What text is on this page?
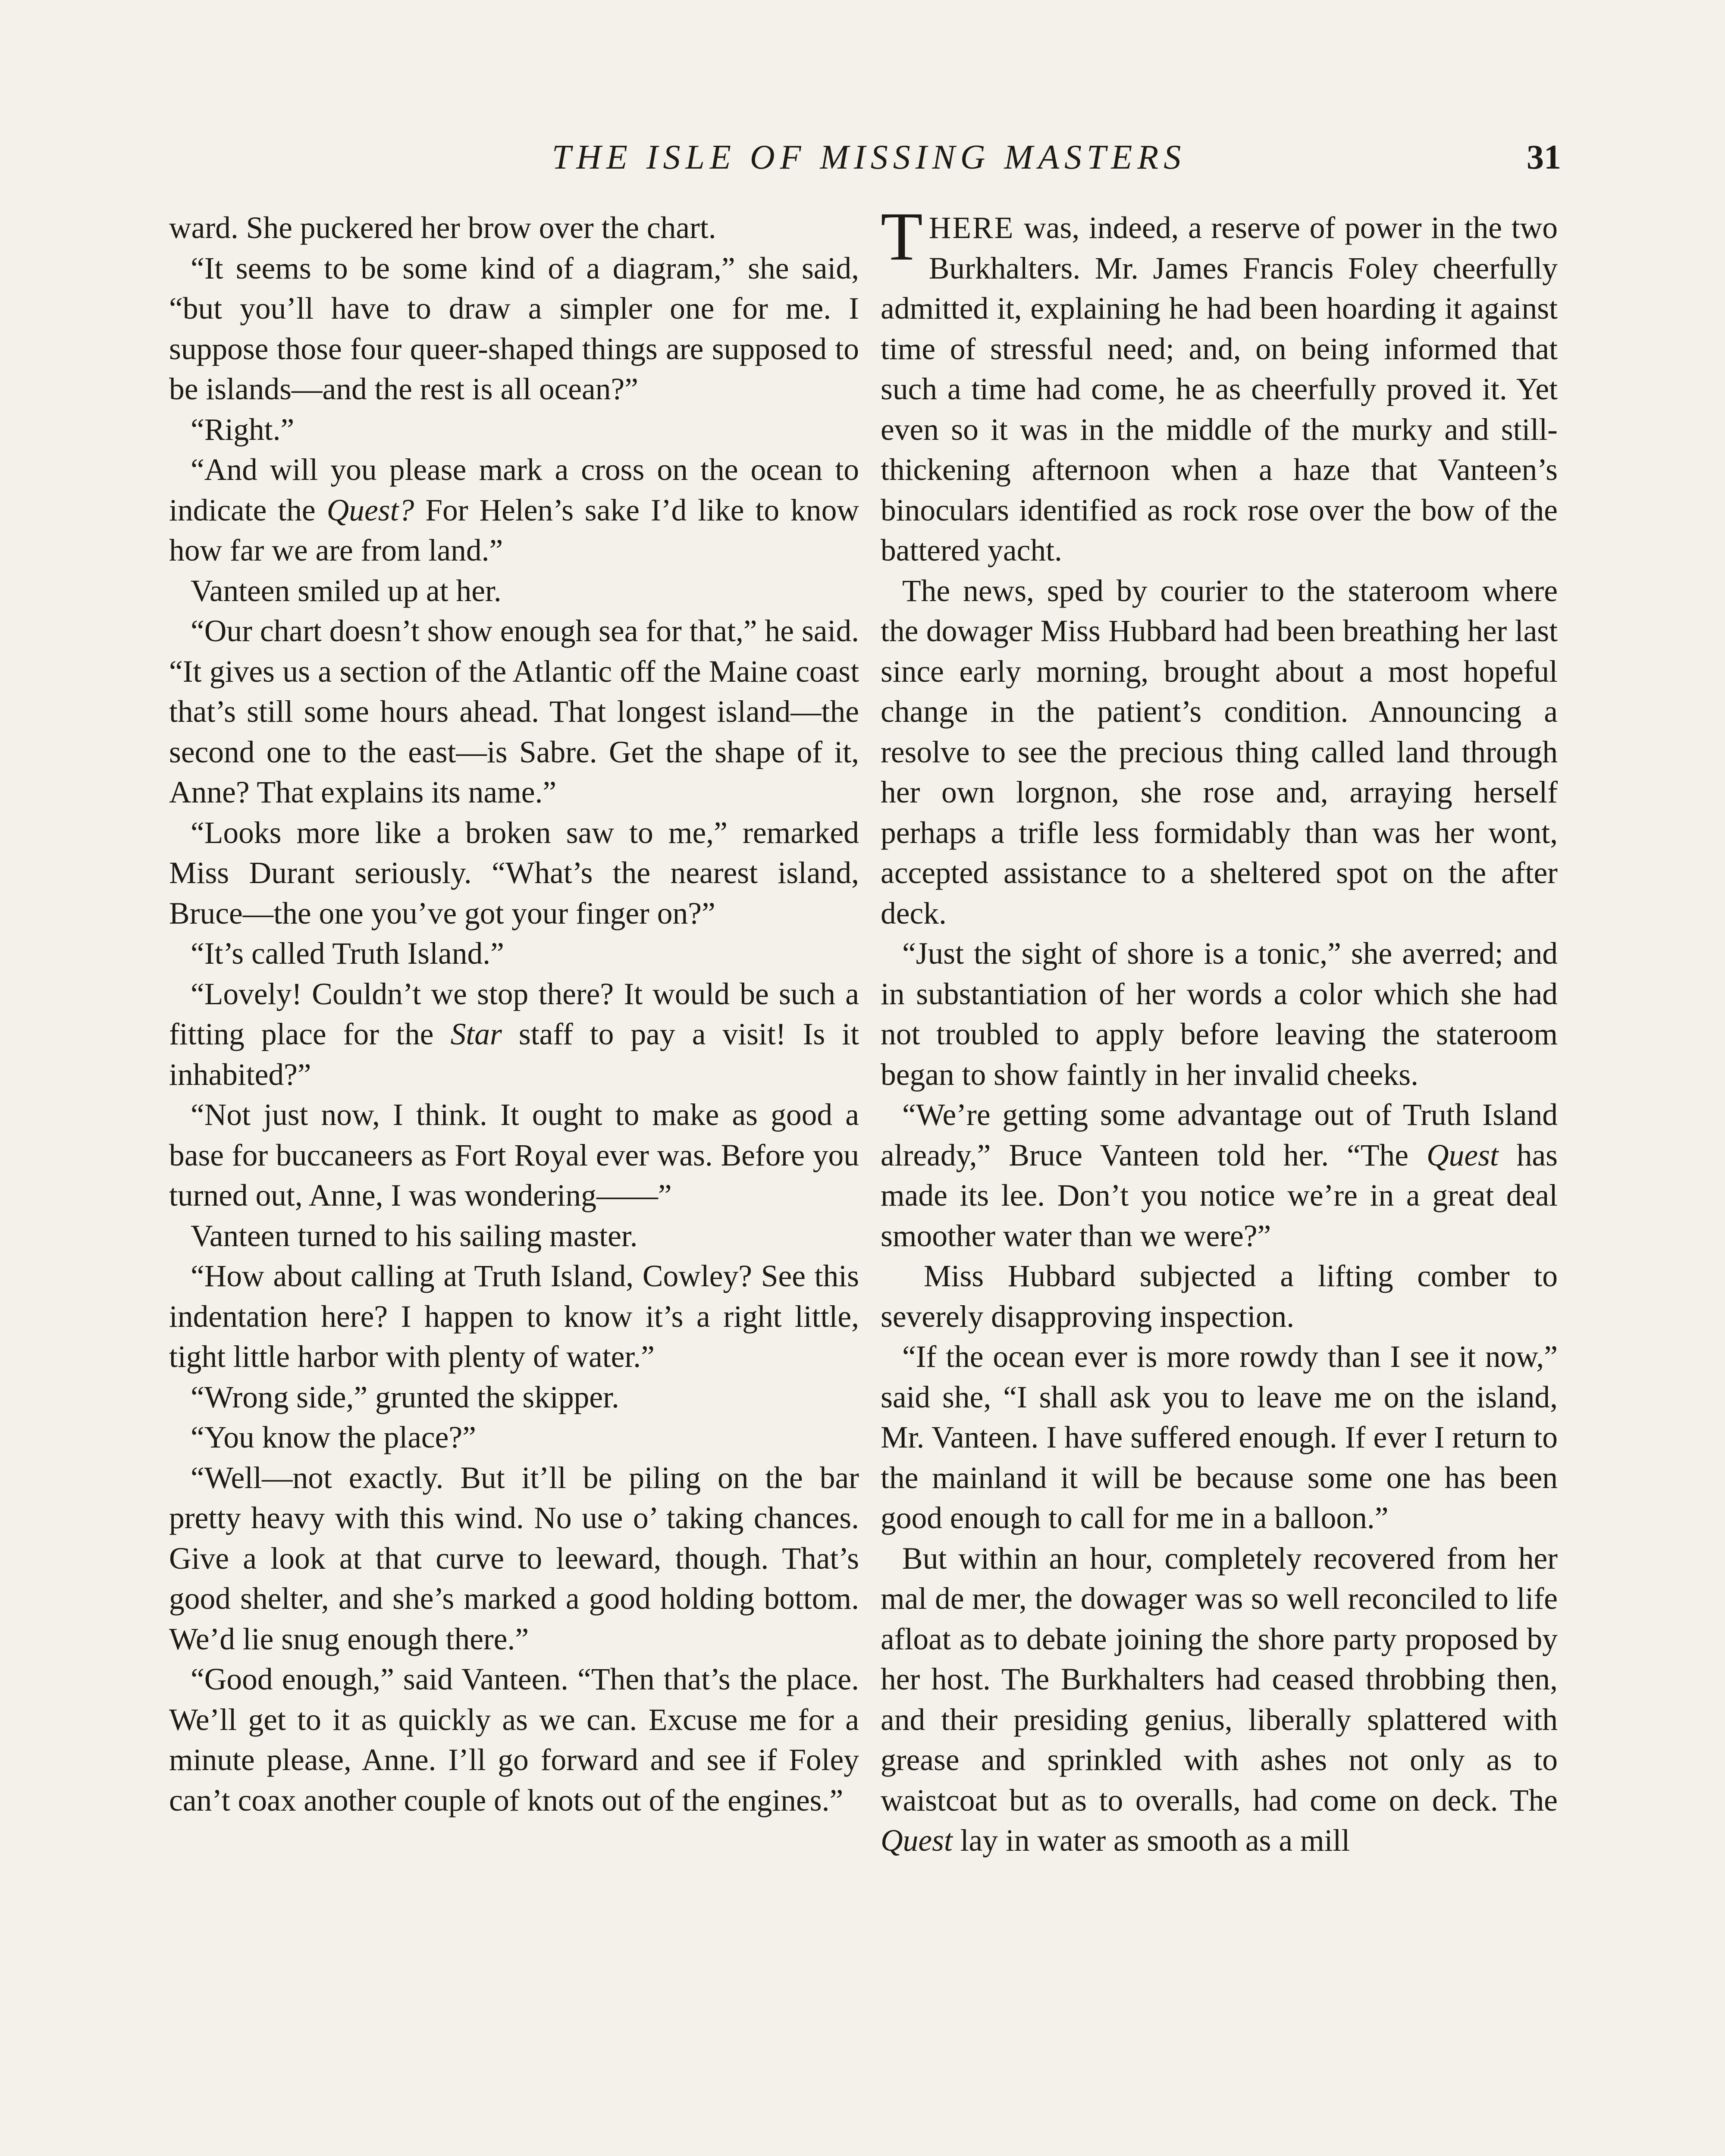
THE ISLE OF MISSING MASTERS	31

ward. She puckered her brow over the chart.

“It seems to be some kind of a diagram,” she said, “but you’ll have to draw a simpler one for me. I suppose those four queer-shaped things are supposed to be islands—and the rest is all ocean?”

“Right.”

“And will you please mark a cross on the ocean to indicate the Quest? For Helen’s sake I’d like to know how far we are from land.”

Vanteen smiled up at her.

“Our chart doesn’t show enough sea for that,” he said. “It gives us a section of the Atlantic off the Maine coast that’s still some hours ahead. That longest island—the second one to the east—is Sabre. Get the shape of it, Anne? That explains its name.”

“Looks more like a broken saw to me,” remarked Miss Durant seriously. “What’s the nearest island, Bruce—the one you’ve got your finger on?”

“It’s called Truth Island.”

“Lovely! Couldn’t we stop there? It would be such a fitting place for the Star staff to pay a visit! Is it inhabited?”

“Not just now, I think. It ought to make as good a base for buccaneers as Fort Royal ever was. Before you turned out, Anne, I was wondering——”

Vanteen turned to his sailing master.

“How about calling at Truth Island, Cowley? See this indentation here? I happen to know it’s a right little, tight little harbor with plenty of water.”

“Wrong side,” grunted the skipper.

“You know the place?”

“Well—not exactly. But it’ll be piling on the bar pretty heavy with this wind. No use o’ taking chances. Give a look at that curve to leeward, though. That’s good shelter, and she’s marked a good holding bottom. We’d lie snug enough there.”

“Good enough,” said Vanteen. “Then that’s the place. We’ll get to it as quickly as we can. Excuse me for a minute please, Anne. I’ll go forward and see if Foley can’t coax another couple of knots out of the engines.”

THERE was, indeed, a reserve of power in the two Burkhalters. Mr. James Francis Foley cheerfully admitted it, explaining he had been hoarding it against time of stressful need; and, on being informed that such a time had come, he as cheerfully proved it. Yet even so it was in the middle of the murky and still-thickening afternoon when a haze that Vanteen’s binoculars identified as rock rose over the bow of the battered yacht.

The news, sped by courier to the stateroom where the dowager Miss Hubbard had been breathing her last since early morning, brought about a most hopeful change in the patient’s condition. Announcing a resolve to see the precious thing called land through her own lorgnon, she rose and, arraying herself perhaps a trifle less formidably than was her wont, accepted assistance to a sheltered spot on the after deck.

“Just the sight of shore is a tonic,” she averred; and in substantiation of her words a color which she had not troubled to apply before leaving the stateroom began to show faintly in her invalid cheeks.

“We’re getting some advantage out of Truth Island already,” Bruce Vanteen told her. “The Quest has made its lee. Don’t you notice we’re in a great deal smoother water than we were?”

Miss Hubbard subjected a lifting comber to severely disapproving inspection.

“If the ocean ever is more rowdy than I see it now,” said she, “I shall ask you to leave me on the island, Mr. Vanteen. I have suffered enough. If ever I return to the mainland it will be because some one has been good enough to call for me in a balloon.”

But within an hour, completely recovered from her mal de mer, the dowager was so well reconciled to life afloat as to debate joining the shore party proposed by her host. The Burkhalters had ceased throbbing then, and their presiding genius, liberally splattered with grease and sprinkled with ashes not only as to waistcoat but as to overalls, had come on deck. The Quest lay in water as smooth as a mill
